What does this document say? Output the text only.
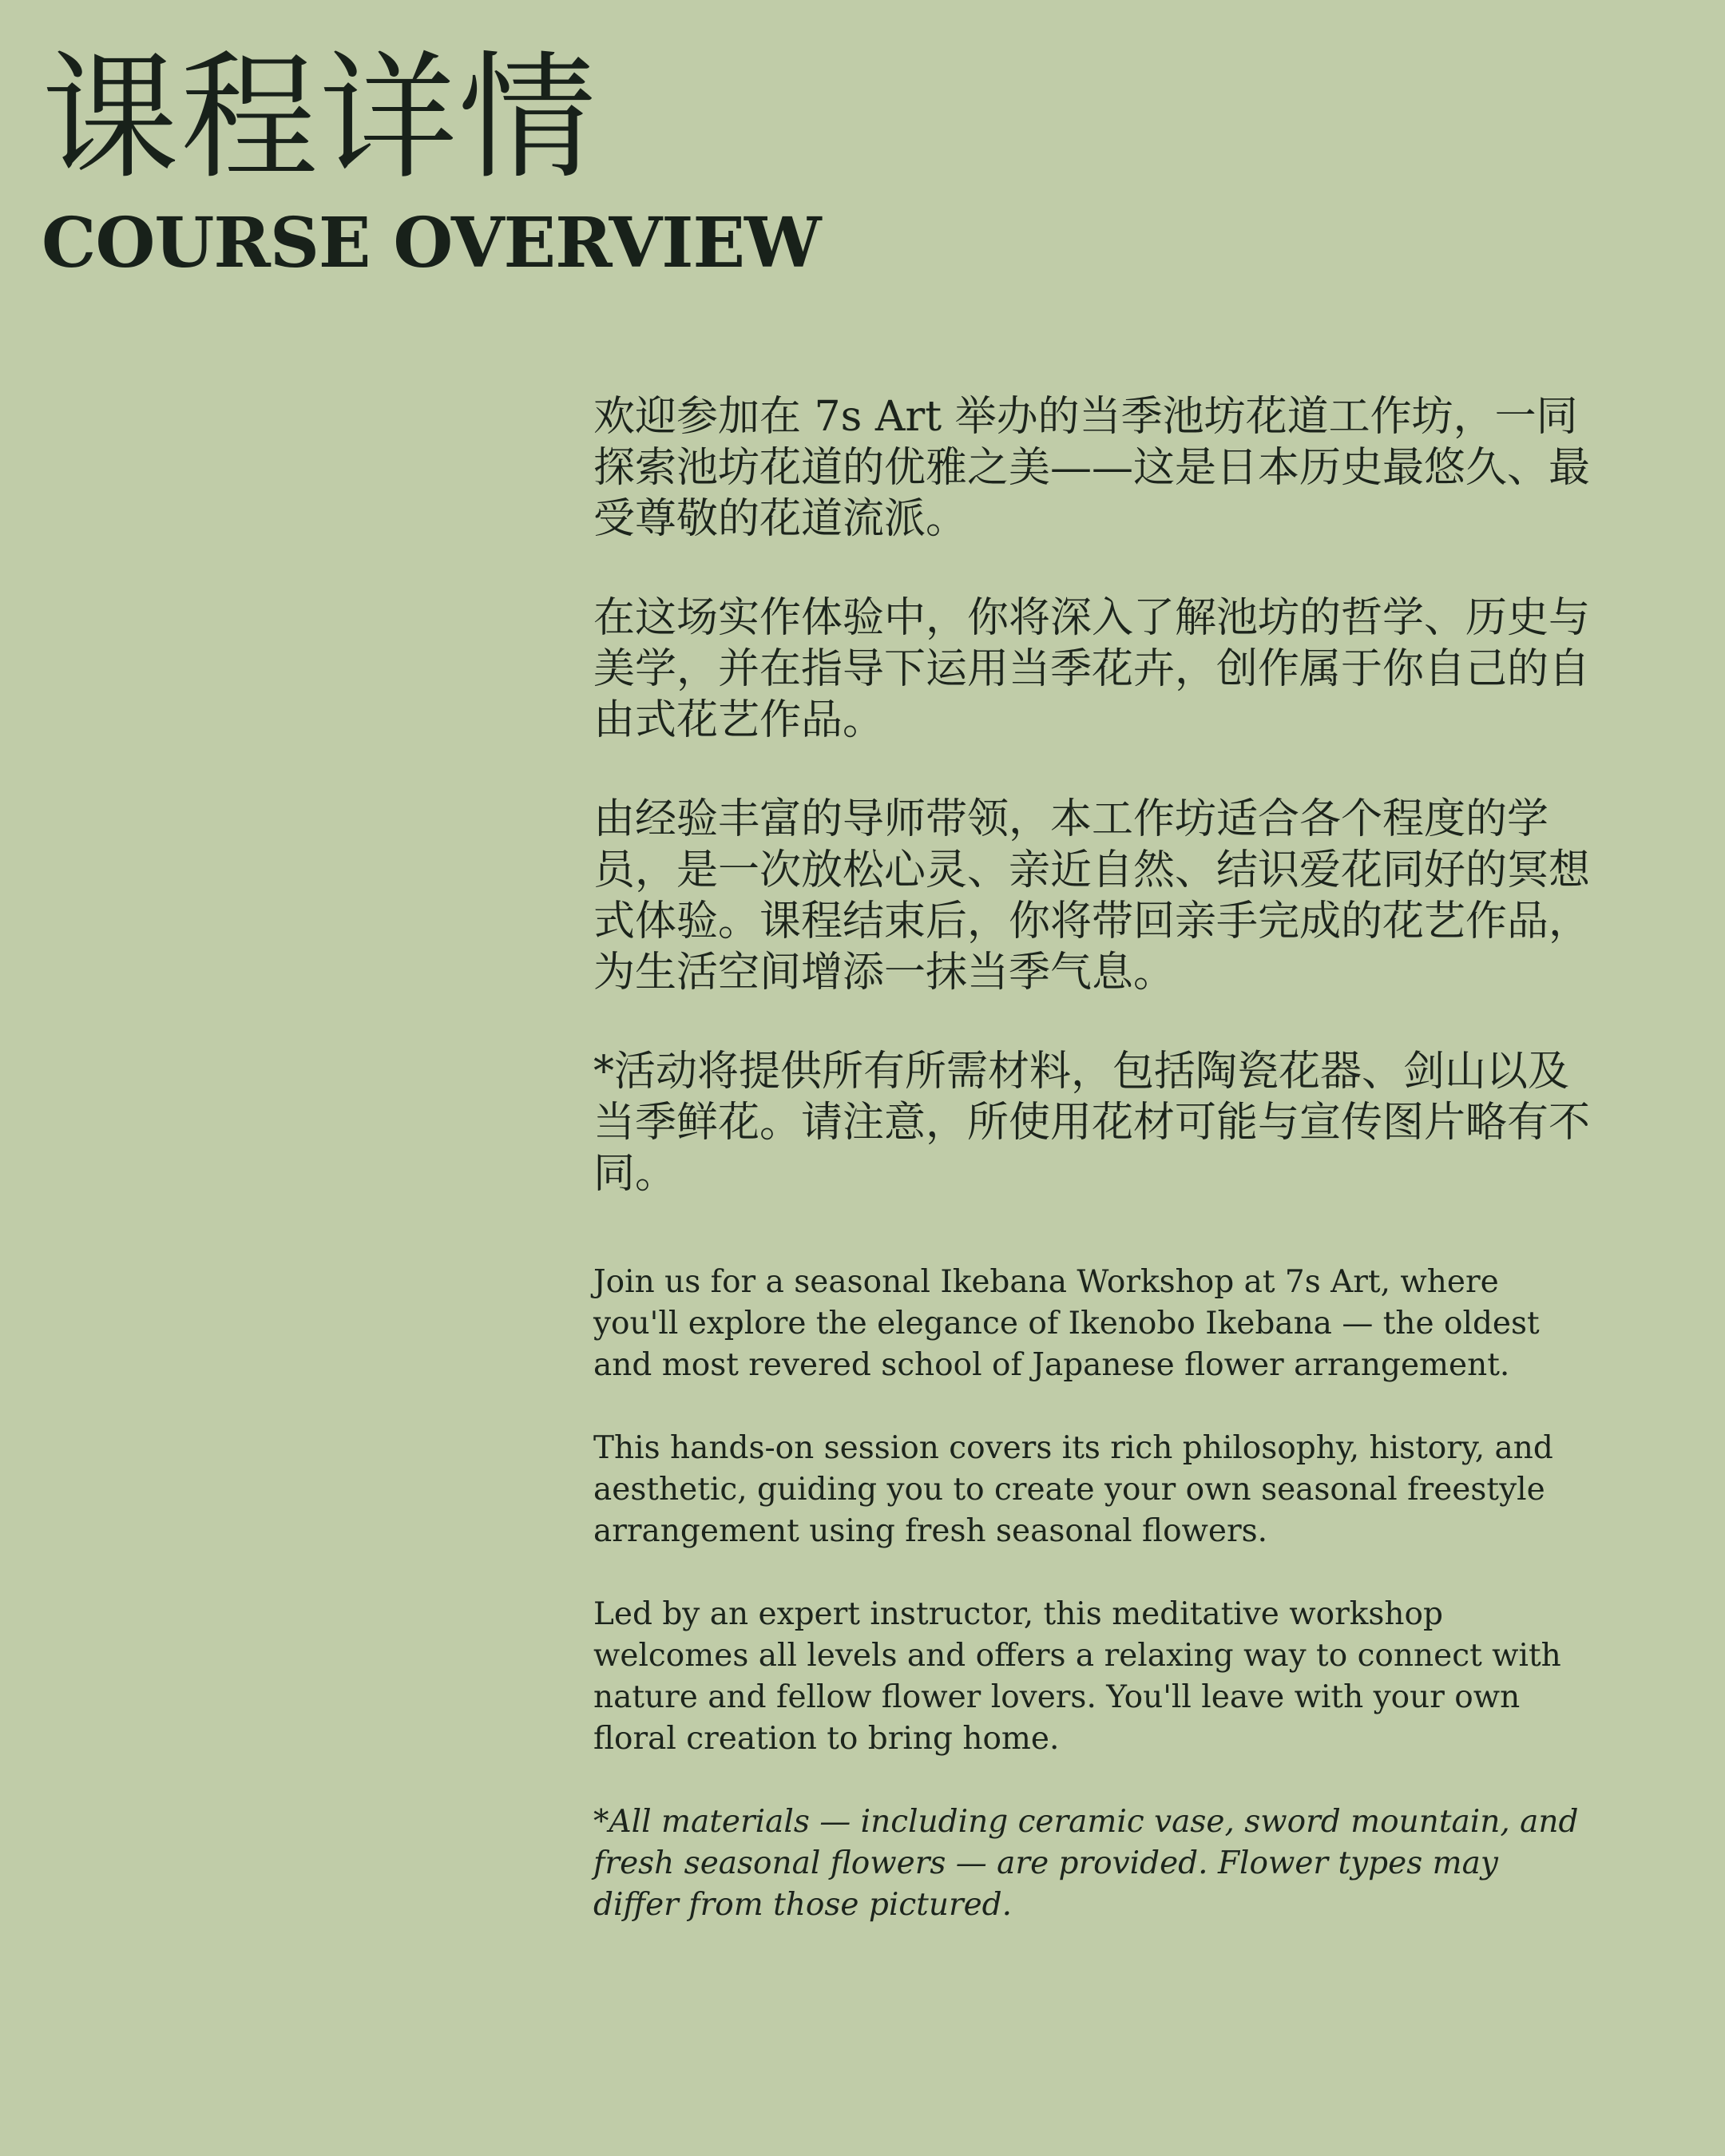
课程详情
COURSE OVERVIEW

欢迎参加在 7s Art 举办的当季池坊花道工作坊，一同探索池坊花道的优雅之美——这是日本历史最悠久、最受尊敬的花道流派。

在这场实作体验中，你将深入了解池坊的哲学、历史与美学，并在指导下运用当季花卉，创作属于你自己的自由式花艺作品。

由经验丰富的导师带领，本工作坊适合各个程度的学员，是一次放松心灵、亲近自然、结识爱花同好的冥想式体验。课程结束后，你将带回亲手完成的花艺作品，为生活空间增添一抹当季气息。

*活动将提供所有所需材料，包括陶瓷花器、剑山以及当季鲜花。请注意，所使用花材可能与宣传图片略有不同。

Join us for a seasonal Ikebana Workshop at 7s Art, where you'll explore the elegance of Ikenobo Ikebana — the oldest and most revered school of Japanese flower arrangement.

This hands-on session covers its rich philosophy, history, and aesthetic, guiding you to create your own seasonal freestyle arrangement using fresh seasonal flowers.

Led by an expert instructor, this meditative workshop welcomes all levels and offers a relaxing way to connect with nature and fellow flower lovers. You'll leave with your own floral creation to bring home.

*All materials — including ceramic vase, sword mountain, and fresh seasonal flowers — are provided. Flower types may differ from those pictured.
